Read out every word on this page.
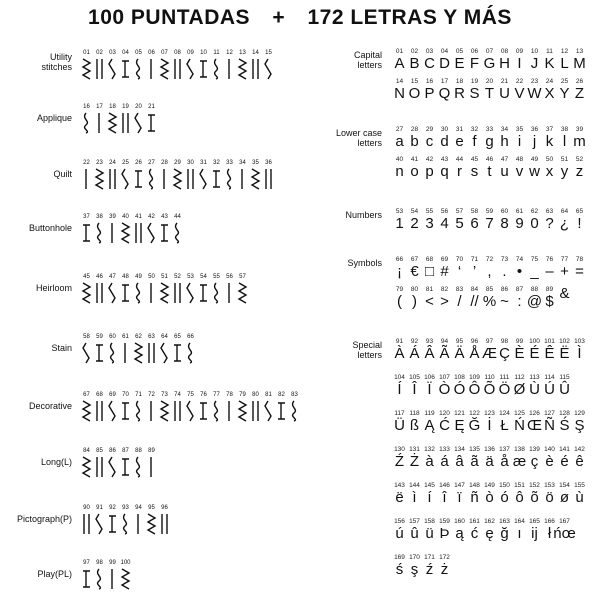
100 PUNTADAS + 172 LETRAS Y MÁS
Utility
stitches
01 02 03 04 05 06 07 08 09 10 11 12 13 14 15
Applique
16 17 18 19 20 21
Quilt
22 23 24 25 26 27 28 29 30 31 32 33 34 35 36
Buttonhole
37 38 39 40 41 42 43 44
Heirloom
45 46 47 48 49 50 51 52 53 54 55 56 57
Stain
58 59 60 61 62 63 64 65 66
Decorative
67 68 69 70 71 72 73 74 75 76 77 78 79 80 81 82 83
Long(L)
84 85 86 87 88 89
Pictograph(P)
90 91 92 93 94 95 96
Play(PL)
97 98 99 100
Capital
letters
01
A
02
B
03
C
04
D
05
E
06
F
07
G
08
H
09
I
10
J
11
K
12
L
13
M
14
N
15
O
16
P
17
Q
18
R
19
S
20
T
21
U
22
V
23
W
24
X
25
Y
26
Z
Lower case
letters
27
a
28
b
29
c
30
d
31
e
32
f
33
g
34
h
35
i
36
j
37
k
38
l
39
m
40
n
41
o
42
p
43
q
44
r
45
s
46
t
47
u
48
v
49
w
50
x
51
y
52
z
Numbers 53
1
54
2
55
3
56
4
57
5
58
6
59
7
60
8
61
9
62
0
63
?
64
¿
65
!
Symbols 66
¡
67
€
68
□
69
#
70
‘
71
’
72
,
73
.
74
•
75
_
76
–
77
+
78
=
79
(
80
)
81
<
82
>
83
/
84
//
85
%
86
~
87
:
88
@
89
$ &
Special
letters
91
À
92
Á
93
Â
94
Ã
95
Ä
96
Å
97
Æ
98
Ç
99
È
100
É
101
Ê
102
Ë
103
Ì
104
Í
105
Î
106
Ï
107
Ò
108
Ó
109
Ô
110
Õ
111
Ö
112
Ø
113
Ù
114
Ú
115
Û
117
Ü
118
ß
119
Ą
120
Ć
121
Ę
122
Ğ
123
İ
124
Ł
125
Ń
126
Œ
127
Ñ
128
Ś
129
Ş
130
Ź
131
Ż
132
à
133
á
134
â
135
ã
136
ä
137
å
138
æ
139
ç
140
è
141
é
142
ê
143
ë
144
ì
145
í
146
î
147
ï
148
ñ
149
ò
150
ó
151
ô
152
õ
153
ö
154
ø
155
ù
156
ú
157
û
158
ü
159
Þ
160
ą
161
ć
162
ę
163
ğ
164
ı
165
ij
166
ł
167
ńœ
169
ś
170
ş
171
ź
172
ż
